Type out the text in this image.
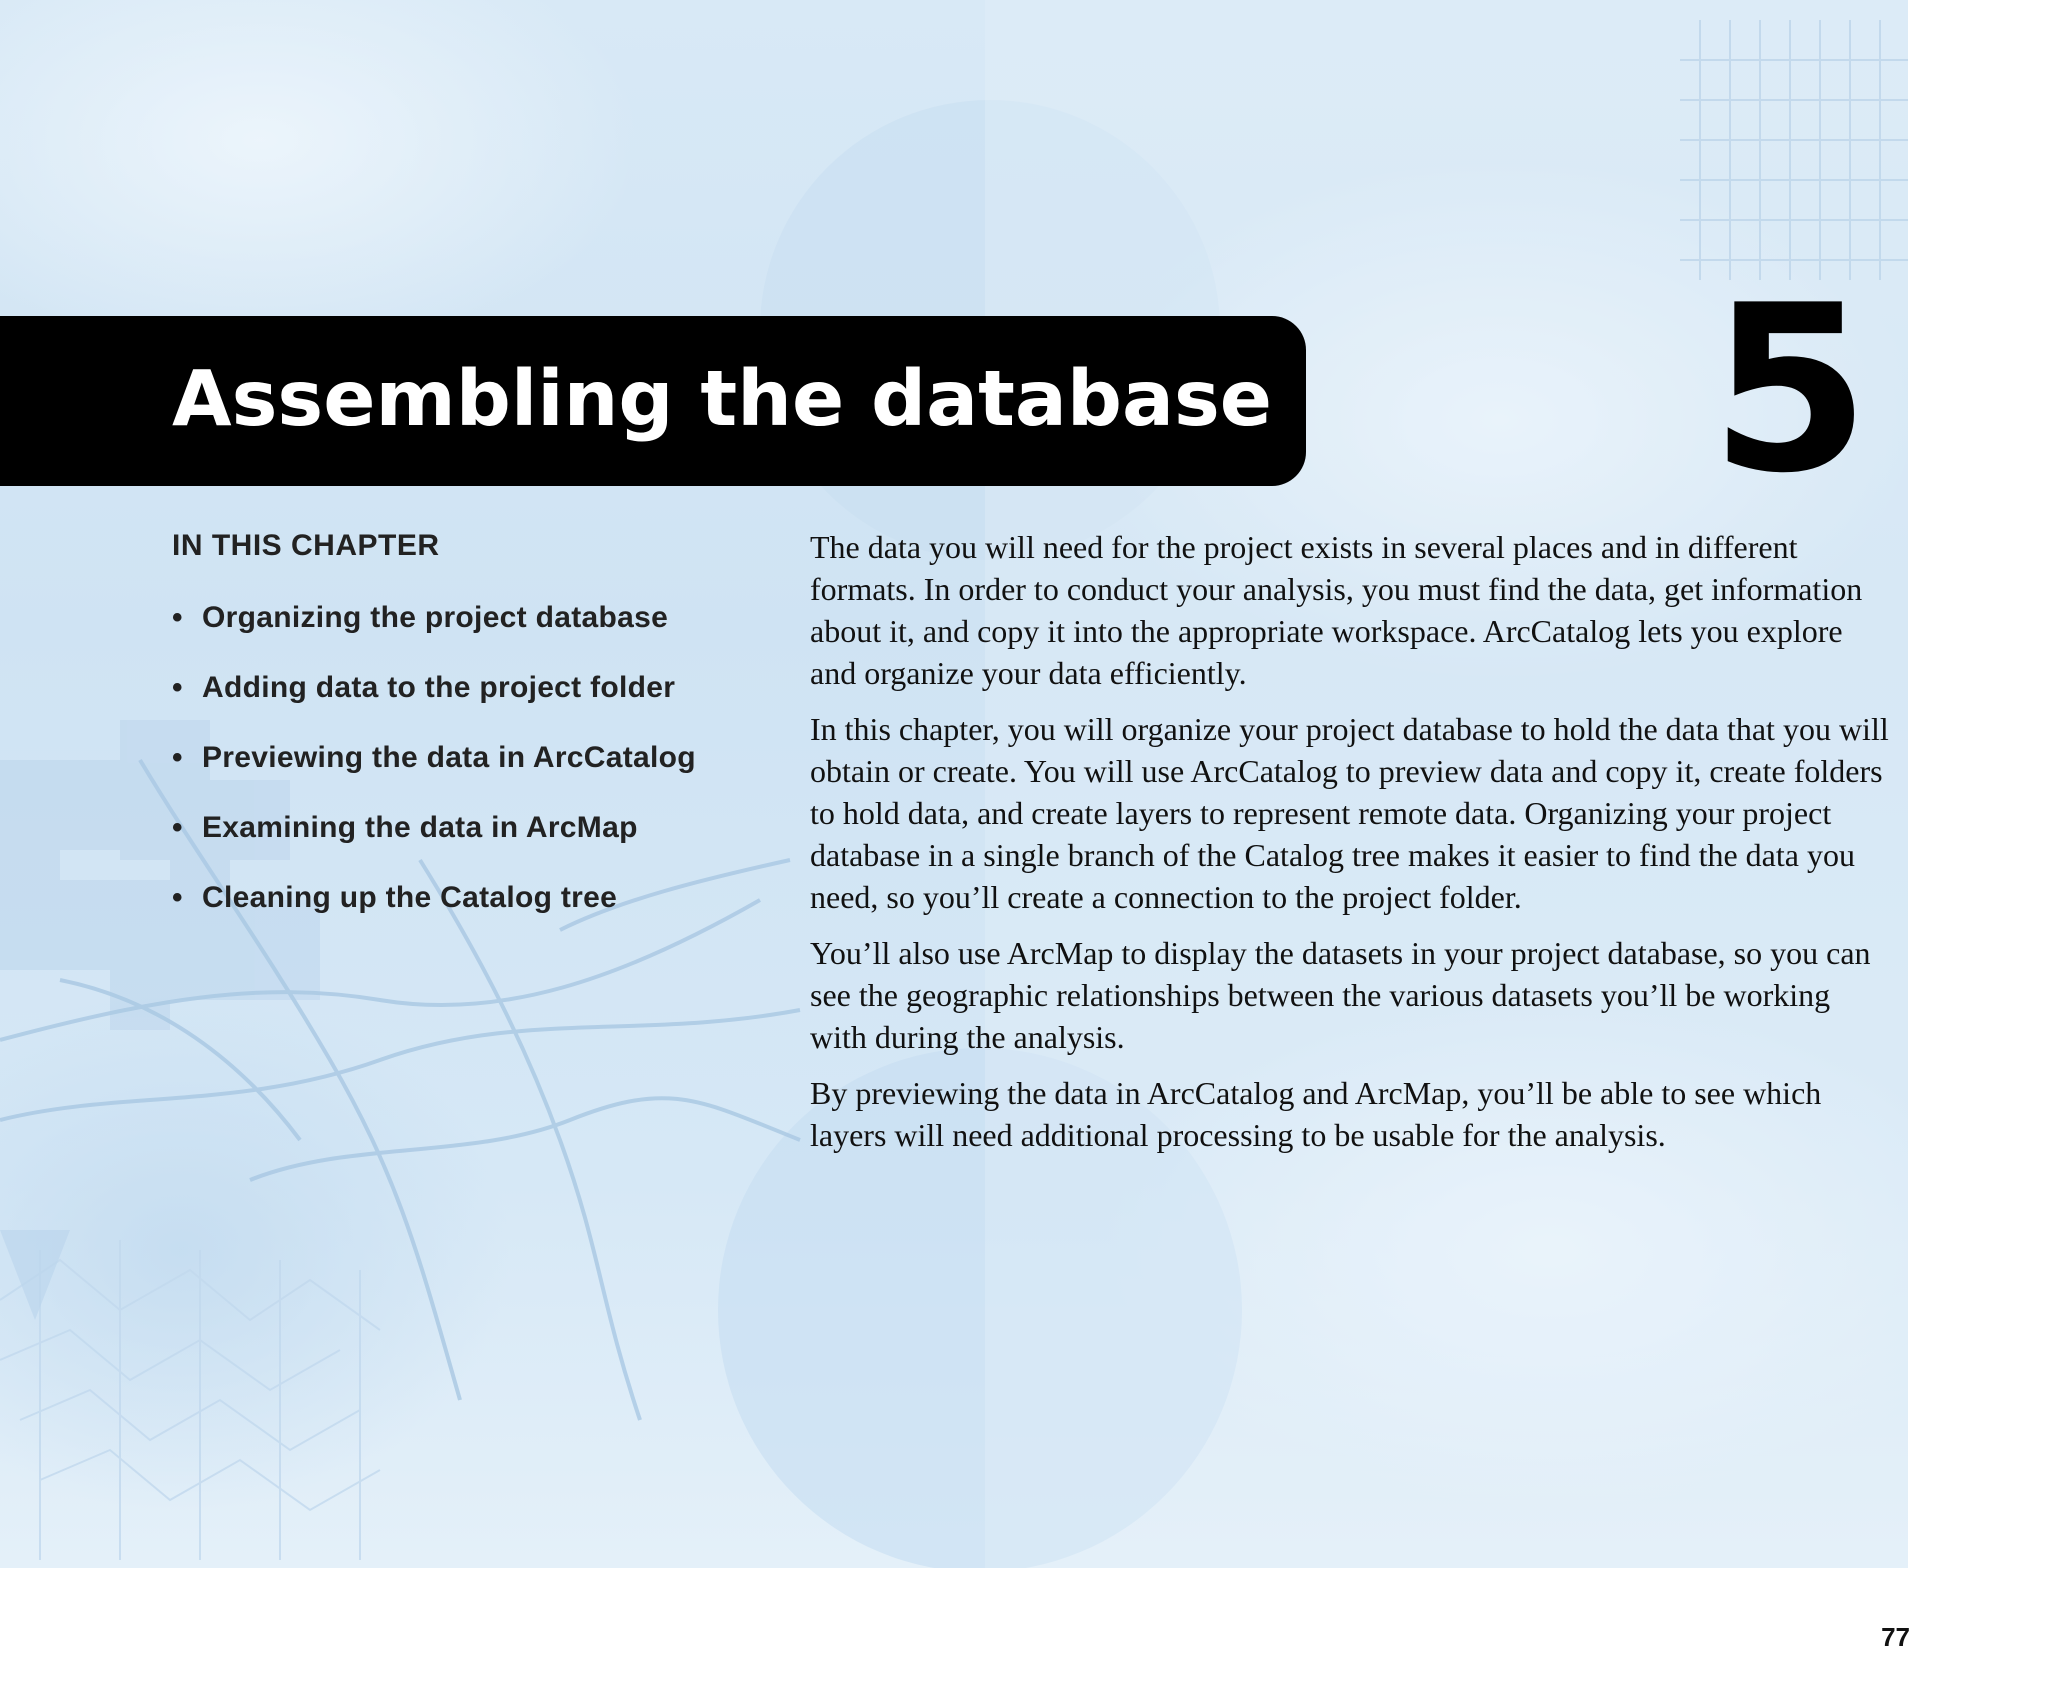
Assembling the database 5
IN THIS CHAPTER
• Organizing the project database
• Adding data to the project folder
• Previewing the data in ArcCatalog
• Examining the data in ArcMap
• Cleaning up the Catalog tree

The data you will need for the project exists in several places and in different formats. In order to conduct your analysis, you must find the data, get information about it, and copy it into the appropriate workspace. ArcCatalog lets you explore and organize your data efficiently.

In this chapter, you will organize your project database to hold the data that you will obtain or create. You will use ArcCatalog to preview data and copy it, create folders to hold data, and create layers to represent remote data. Organizing your project database in a single branch of the Catalog tree makes it easier to find the data you need, so you’ll create a connection to the project folder.

You’ll also use ArcMap to display the datasets in your project database, so you can see the geographic relationships between the various datasets you’ll be working with during the analysis.

By previewing the data in ArcCatalog and ArcMap, you’ll be able to see which layers will need additional processing to be usable for the analysis.

77
